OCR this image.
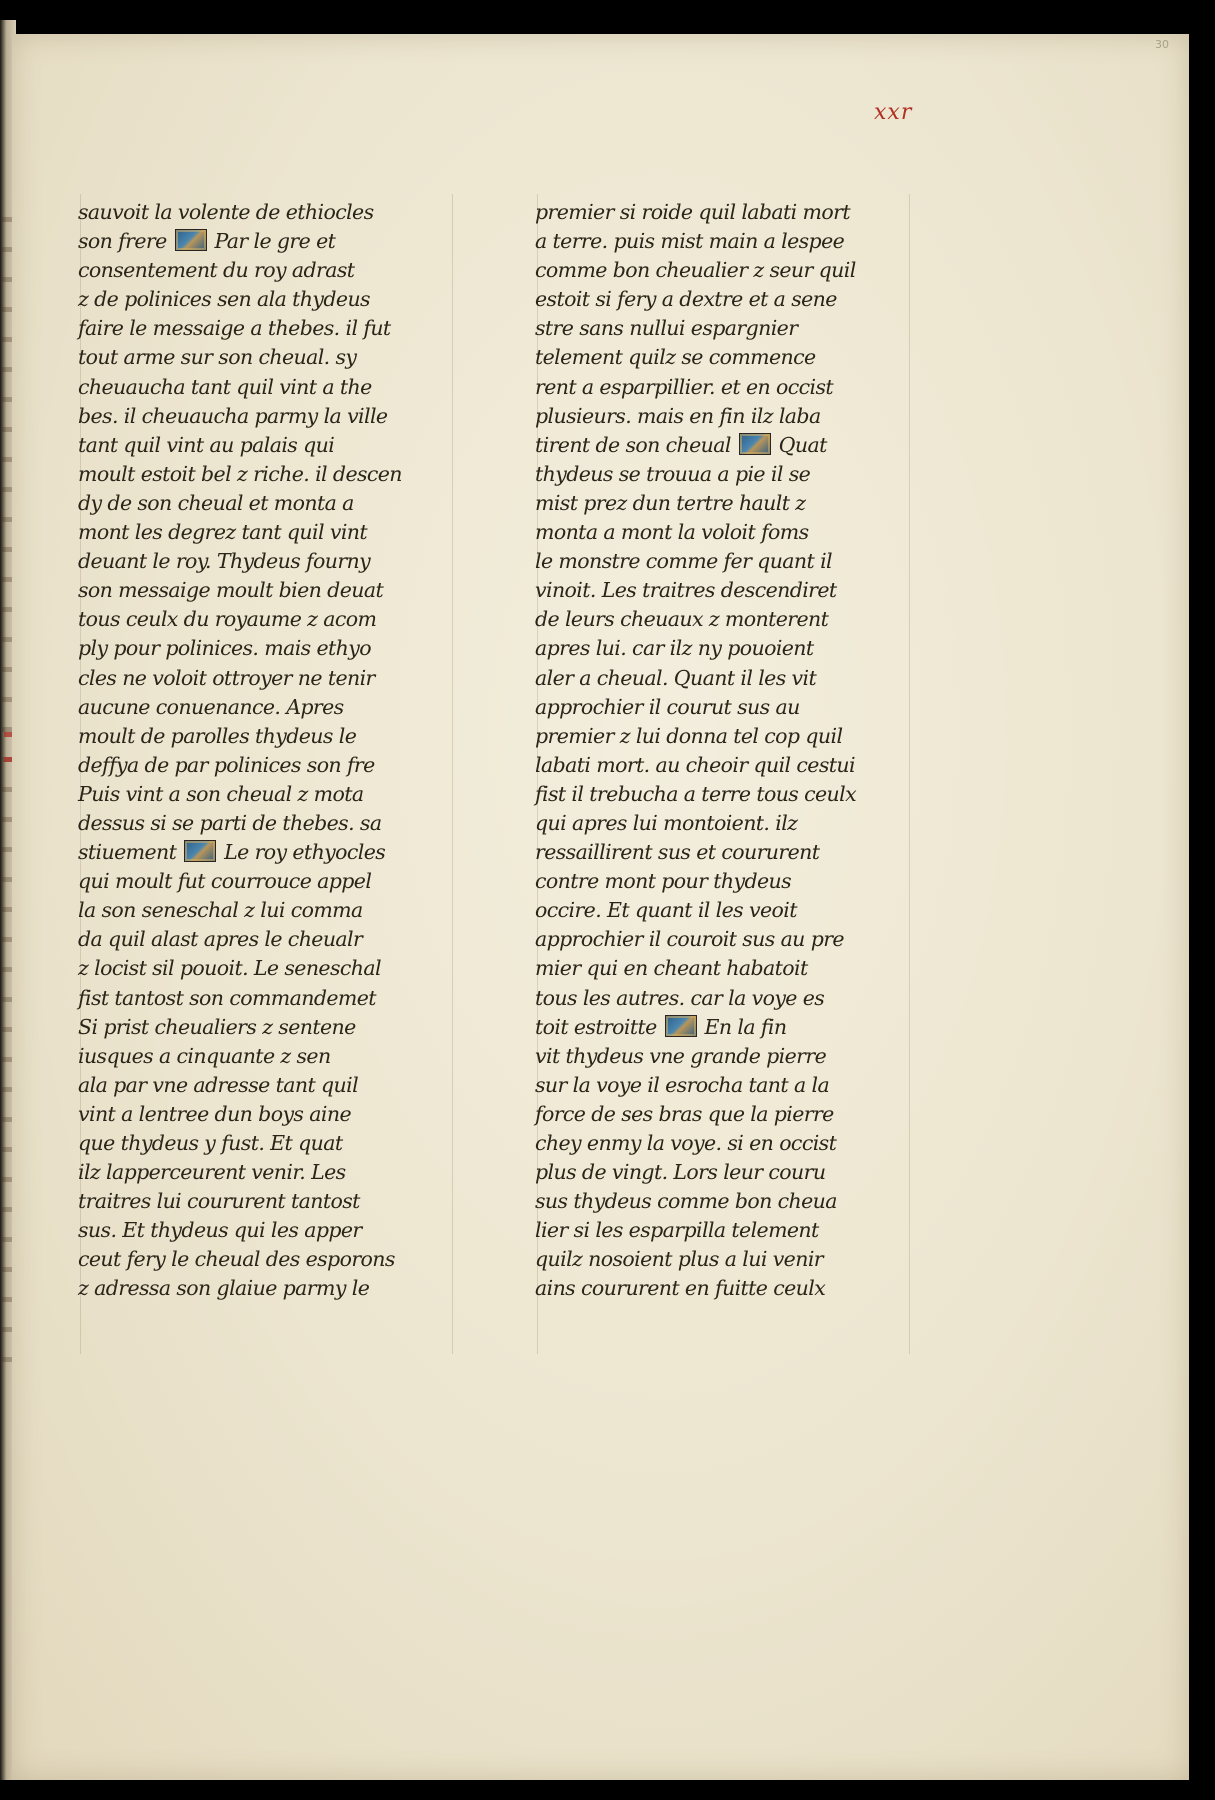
30
xxr
sauvoit la volente de ethiocles
son frere  Par le gre et
consentement du roy adrast
z de polinices sen ala thydeus
faire le messaige a thebes. il fut
tout arme sur son cheual. sy
cheuaucha tant quil vint a the
bes. il cheuaucha parmy la ville
tant quil vint au palais qui
moult estoit bel z riche. il descen
dy de son cheual et monta a
mont les degrez tant quil vint
deuant le roy. Thydeus fourny
son messaige moult bien deuat
tous ceulx du royaume z acom
ply pour polinices. mais ethyo
cles ne voloit ottroyer ne tenir
aucune conuenance. Apres
moult de parolles thydeus le
deffya de par polinices son fre
Puis vint a son cheual z mota
dessus si se parti de thebes. sa
stiuement  Le roy ethyocles
qui moult fut courrouce appel
la son seneschal z lui comma
da quil alast apres le cheualr
z locist sil pouoit. Le seneschal
fist tantost son commandemet
Si prist cheualiers z sentene
iusques a cinquante z sen
ala par vne adresse tant quil
vint a lentree dun boys aine
que thydeus y fust. Et quat
ilz lapperceurent venir. Les
traitres lui coururent tantost
sus. Et thydeus qui les apper
ceut fery le cheual des esporons
z adressa son glaiue parmy le
premier si roide quil labati mort
a terre. puis mist main a lespee
comme bon cheualier z seur quil
estoit si fery a dextre et a sene
stre sans nullui espargnier
telement quilz se commence
rent a esparpillier. et en occist
plusieurs. mais en fin ilz laba
tirent de son cheual  Quat
thydeus se trouua a pie il se
mist prez dun tertre hault z
monta a mont la voloit foms
le monstre comme fer quant il
vinoit. Les traitres descendiret
de leurs cheuaux z monterent
apres lui. car ilz ny pouoient
aler a cheual. Quant il les vit
approchier il courut sus au
premier z lui donna tel cop quil
labati mort. au cheoir quil cestui
fist il trebucha a terre tous ceulx
qui apres lui montoient. ilz
ressaillirent sus et coururent
contre mont pour thydeus
occire. Et quant il les veoit
approchier il couroit sus au pre
mier qui en cheant habatoit
tous les autres. car la voye es
toit estroitte  En la fin
vit thydeus vne grande pierre
sur la voye il esrocha tant a la
force de ses bras que la pierre
chey enmy la voye. si en occist
plus de vingt. Lors leur couru
sus thydeus comme bon cheua
lier si les esparpilla telement
quilz nosoient plus a lui venir
ains coururent en fuitte ceulx
